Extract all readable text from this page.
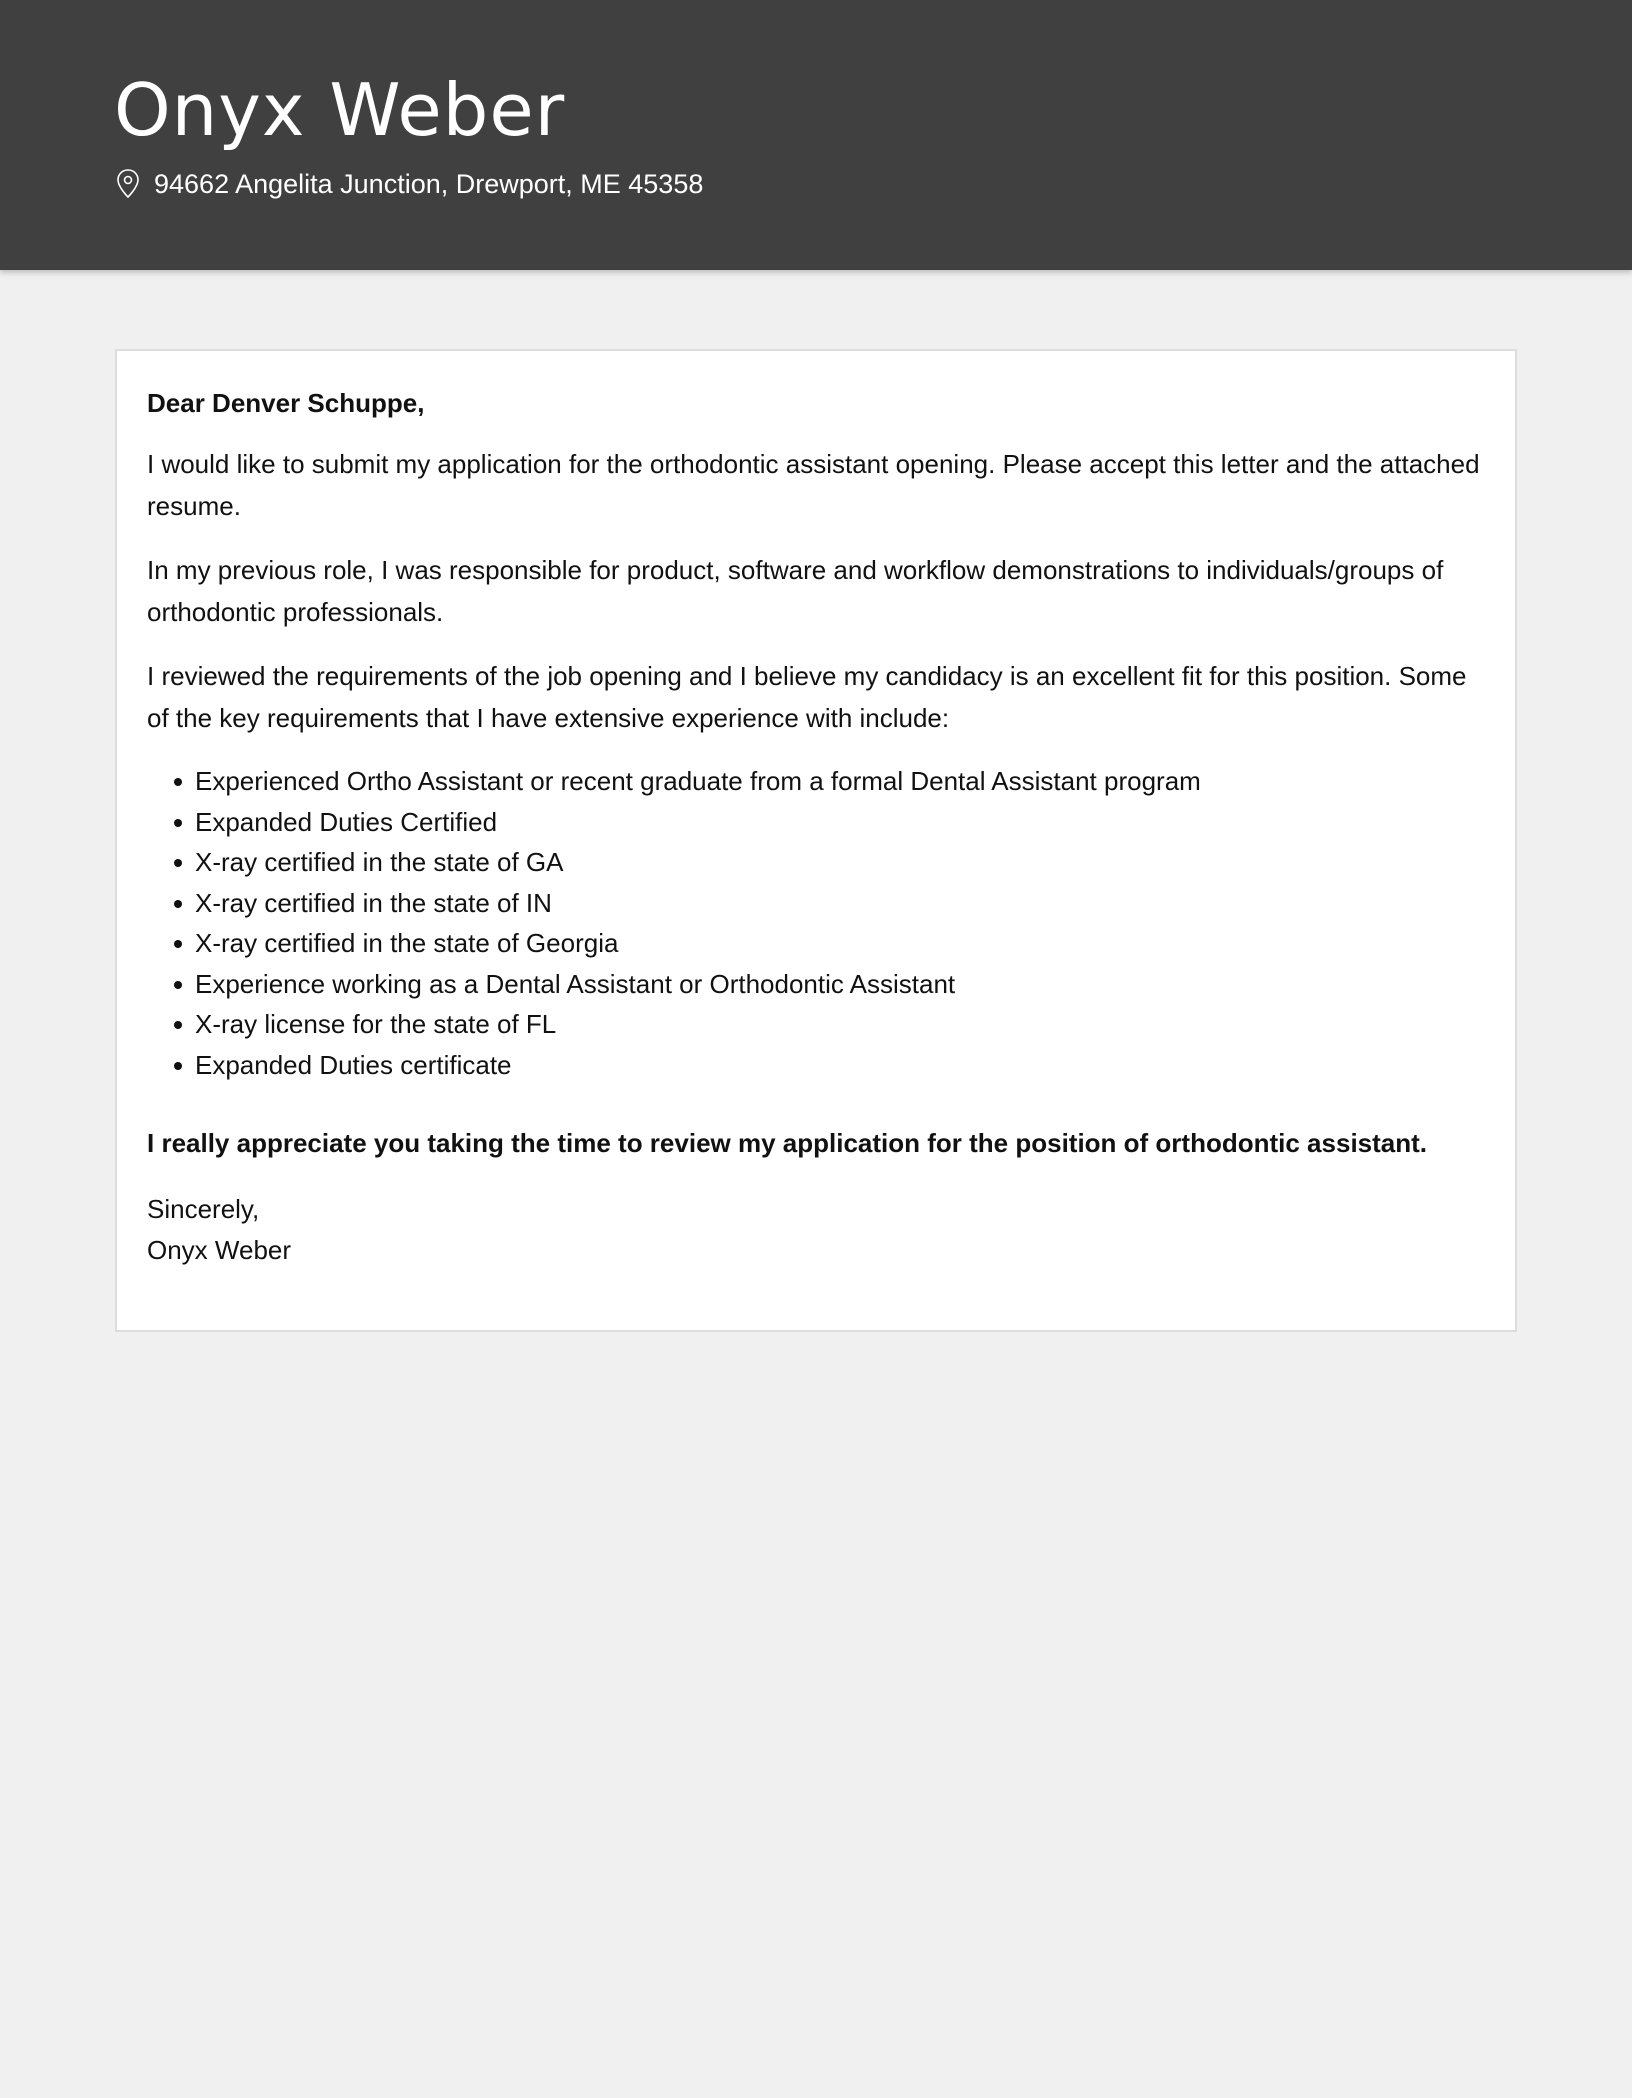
Onyx Weber
94662 Angelita Junction, Drewport, ME 45358

Dear Denver Schuppe,

I would like to submit my application for the orthodontic assistant opening. Please accept this letter and the attached resume.

In my previous role, I was responsible for product, software and workflow demonstrations to individuals/groups of orthodontic professionals.

I reviewed the requirements of the job opening and I believe my candidacy is an excellent fit for this position. Some of the key requirements that I have extensive experience with include:

Experienced Ortho Assistant or recent graduate from a formal Dental Assistant program
Expanded Duties Certified
X-ray certified in the state of GA
X-ray certified in the state of IN
X-ray certified in the state of Georgia
Experience working as a Dental Assistant or Orthodontic Assistant
X-ray license for the state of FL
Expanded Duties certificate

I really appreciate you taking the time to review my application for the position of orthodontic assistant.

Sincerely,

Onyx Weber
